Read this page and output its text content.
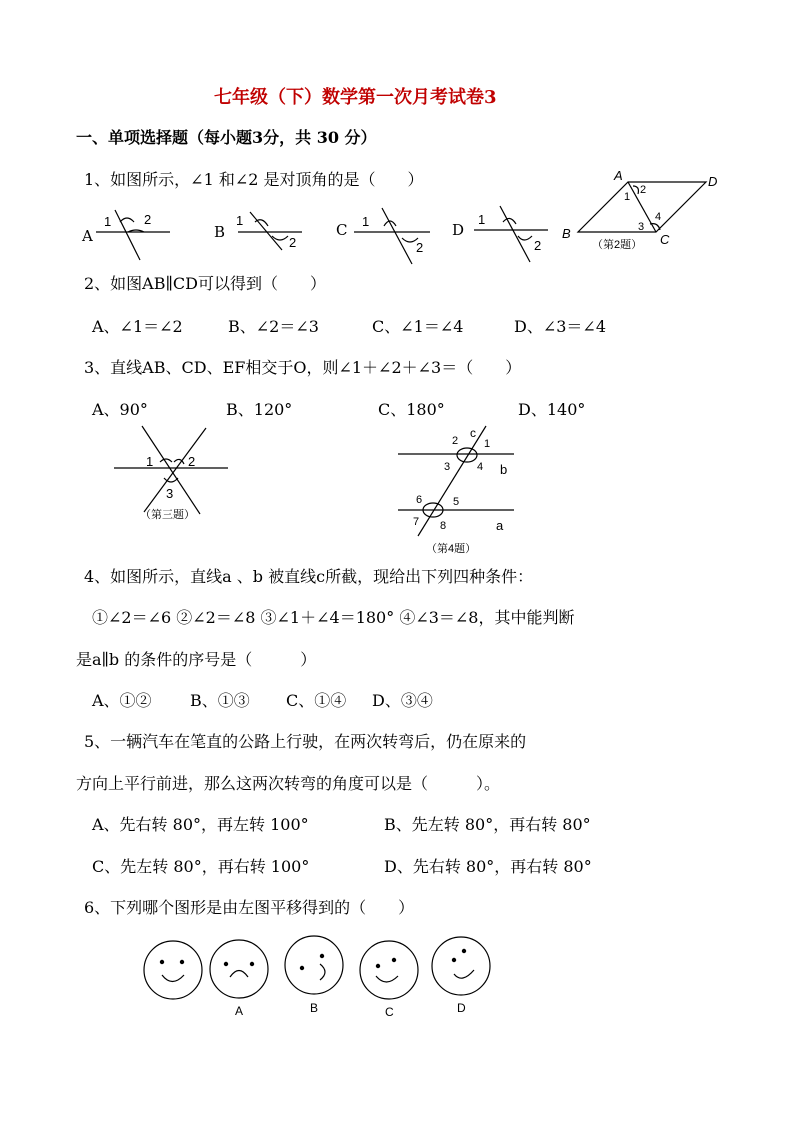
七年级（下）数学第一次月考试卷3
一、单项选择题（每小题3分，共 30 分）
1、如图所示，∠1 和∠2 是对顶角的是（　　）
A	B	C	D
2、如图AB∥CD可以得到（　　）
A、∠1＝∠2	B、∠2＝∠3	C、∠1＝∠4	D、∠3＝∠4
3、直线AB、CD、EF相交于O，则∠1＋∠2＋∠3＝（　　）
A、90°	B、120°	C、180°	D、140°
4、如图所示，直线a 、b 被直线c所截，现给出下列四种条件：
①∠2＝∠6 ②∠2＝∠8 ③∠1＋∠4＝180° ④∠3＝∠8，其中能判断
是a∥b 的条件的序号是（　　　）
A、①② B、①③ C、①④ D、③④
5、一辆汽车在笔直的公路上行驶，在两次转弯后，仍在原来的
方向上平行前进，那么这两次转弯的角度可以是（　　　）。
A、先右转 80°，再左转 100°	B、先左转 80°，再右转 80°
C、先左转 80°，再右转 100°	D、先右转 80°，再右转 80°
6、下列哪个图形是由左图平移得到的（　　）
1	2	1
2
1
2
1
2
A
B	C
D
1
2
3
4
（第2题）
1	2
3
（第三题）
c
b
a
1
2
3 4
5
6
7 8
（第4题）
A	B	C	D
